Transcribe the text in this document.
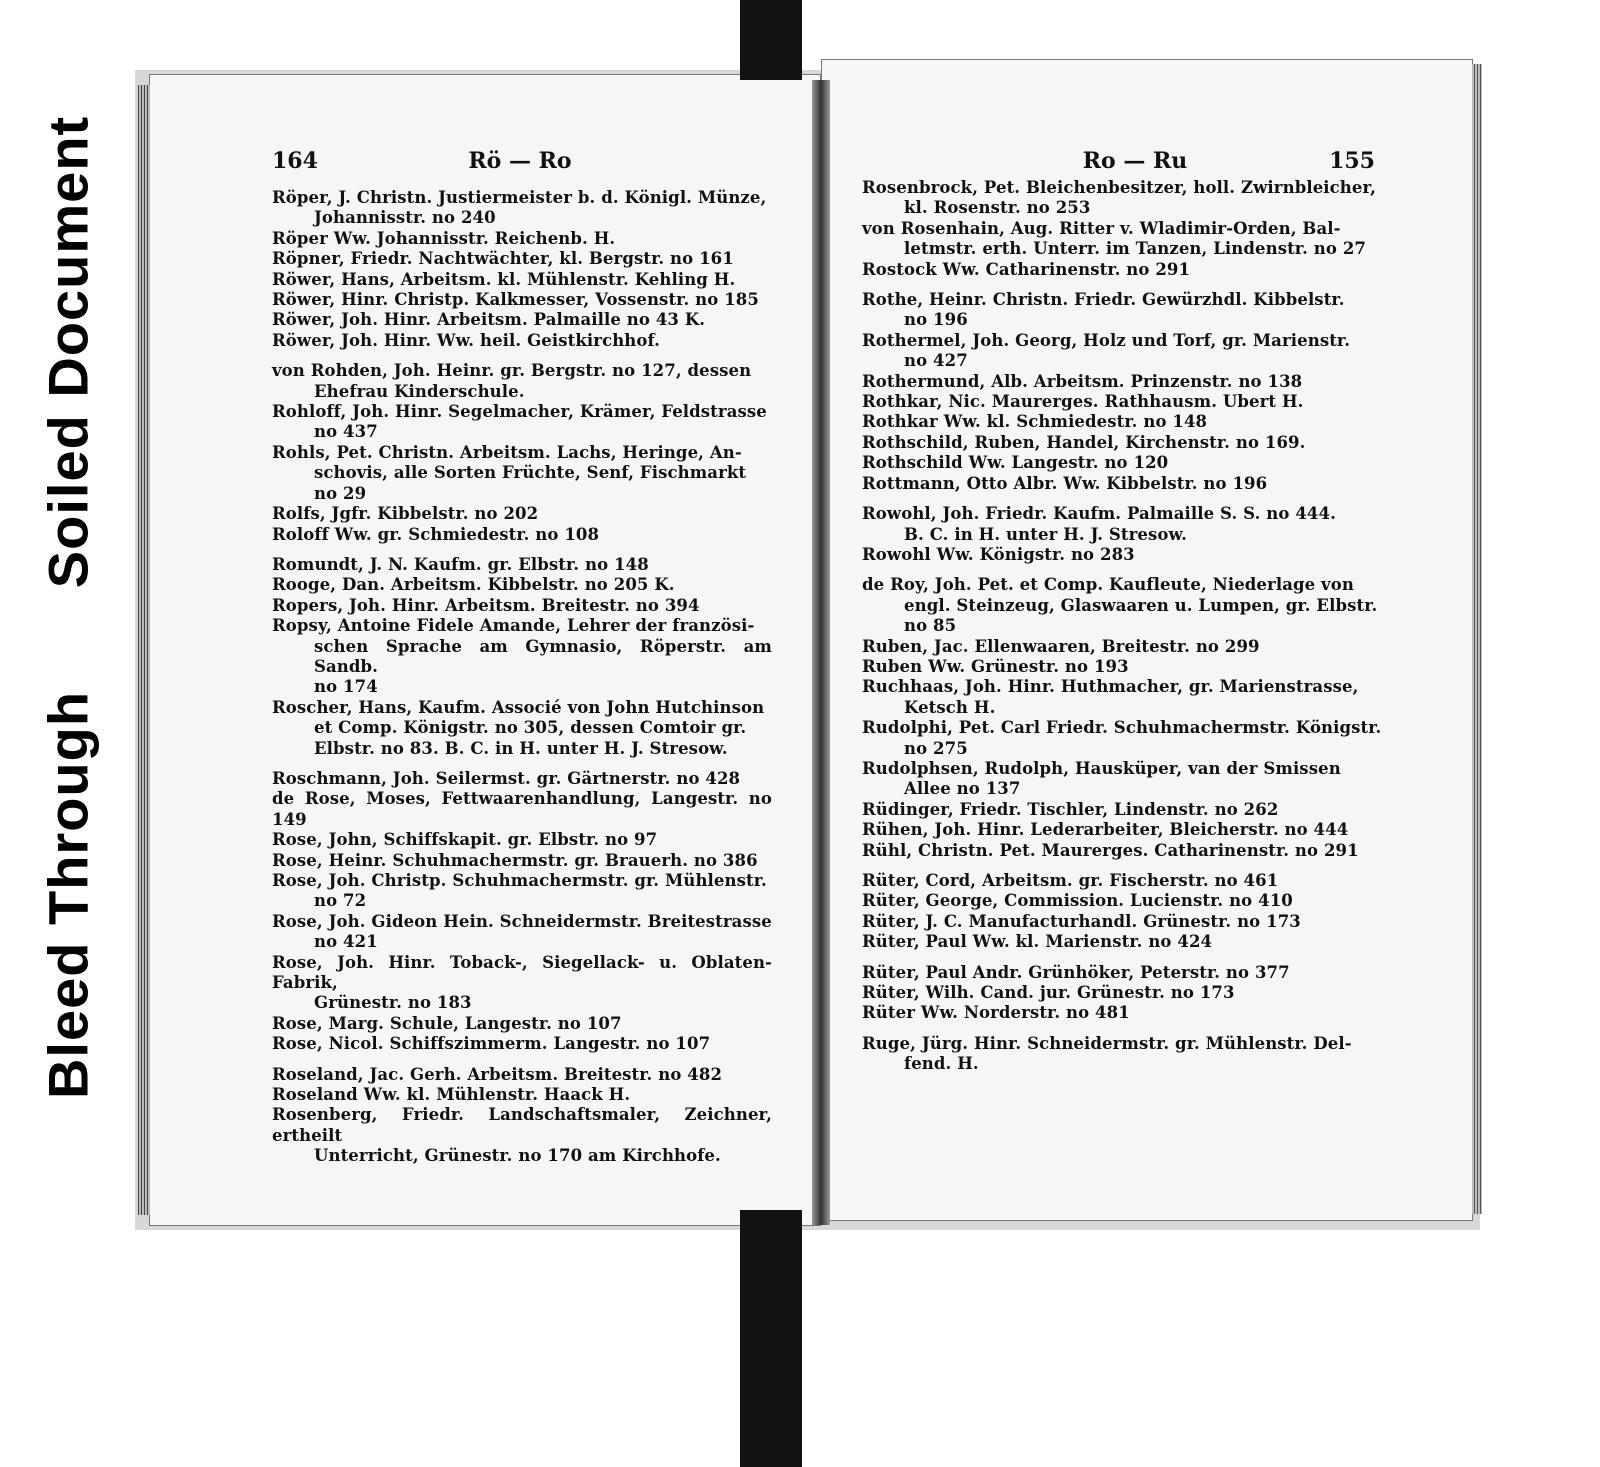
Soiled Document
Bleed Through
164	Rö — Ro	Ro — Ru	155
Röper, J. Christn. Justiermeister b. d. Königl. Münze,
Johannisstr. no 240
Röper Ww. Johannisstr. Reichenb. H.
Röpner, Friedr. Nachtwächter, kl. Bergstr. no 161
Röwer, Hans, Arbeitsm. kl. Mühlenstr. Kehling H.
Röwer, Hinr. Christp. Kalkmesser, Vossenstr. no 185
Röwer, Joh. Hinr. Arbeitsm. Palmaille no 43 K.
Röwer, Joh. Hinr. Ww. heil. Geistkirchhof.
von Rohden, Joh. Heinr. gr. Bergstr. no 127, dessen
Ehefrau Kinderschule.
Rohloff, Joh. Hinr. Segelmacher, Krämer, Feldstrasse
no 437
Rohls, Pet. Christn. Arbeitsm. Lachs, Heringe, An-
schovis, alle Sorten Früchte, Senf, Fischmarkt
no 29
Rolfs, Jgfr. Kibbelstr. no 202
Roloff Ww. gr. Schmiedestr. no 108
Romundt, J. N. Kaufm. gr. Elbstr. no 148
Rooge, Dan. Arbeitsm. Kibbelstr. no 205 K.
Ropers, Joh. Hinr. Arbeitsm. Breitestr. no 394
Ropsy, Antoine Fidele Amande, Lehrer der französi-
schen Sprache am Gymnasio, Röperstr. am Sandb.
no 174
Roscher, Hans, Kaufm. Associé von John Hutchinson
et Comp. Königstr. no 305, dessen Comtoir gr.
Elbstr. no 83. B. C. in H. unter H. J. Stresow.
Roschmann, Joh. Seilermst. gr. Gärtnerstr. no 428
de Rose, Moses, Fettwaarenhandlung, Langestr. no 149
Rose, John, Schiffskapit. gr. Elbstr. no 97
Rose, Heinr. Schuhmachermstr. gr. Brauerh. no 386
Rose, Joh. Christp. Schuhmachermstr. gr. Mühlenstr.
no 72
Rose, Joh. Gideon Hein. Schneidermstr. Breitestrasse
no 421
Rose, Joh. Hinr. Toback-, Siegellack- u. Oblaten-Fabrik,
Grünestr. no 183
Rose, Marg. Schule, Langestr. no 107
Rose, Nicol. Schiffszimmerm. Langestr. no 107
Roseland, Jac. Gerh. Arbeitsm. Breitestr. no 482
Roseland Ww. kl. Mühlenstr. Haack H.
Rosenberg, Friedr. Landschaftsmaler, Zeichner, ertheilt
Unterricht, Grünestr. no 170 am Kirchhofe.
Rosenbrock, Pet. Bleichenbesitzer, holl. Zwirnbleicher,
kl. Rosenstr. no 253
von Rosenhain, Aug. Ritter v. Wladimir-Orden, Bal-
letmstr. erth. Unterr. im Tanzen, Lindenstr. no 27
Rostock Ww. Catharinenstr. no 291
Rothe, Heinr. Christn. Friedr. Gewürzhdl. Kibbelstr.
no 196
Rothermel, Joh. Georg, Holz und Torf, gr. Marienstr.
no 427
Rothermund, Alb. Arbeitsm. Prinzenstr. no 138
Rothkar, Nic. Maurerges. Rathhausm. Ubert H.
Rothkar Ww. kl. Schmiedestr. no 148
Rothschild, Ruben, Handel, Kirchenstr. no 169.
Rothschild Ww. Langestr. no 120
Rottmann, Otto Albr. Ww. Kibbelstr. no 196
Rowohl, Joh. Friedr. Kaufm. Palmaille S. S. no 444.
B. C. in H. unter H. J. Stresow.
Rowohl Ww. Königstr. no 283
de Roy, Joh. Pet. et Comp. Kaufleute, Niederlage von
engl. Steinzeug, Glaswaaren u. Lumpen, gr. Elbstr.
no 85
Ruben, Jac. Ellenwaaren, Breitestr. no 299
Ruben Ww. Grünestr. no 193
Ruchhaas, Joh. Hinr. Huthmacher, gr. Marienstrasse,
Ketsch H.
Rudolphi, Pet. Carl Friedr. Schuhmachermstr. Königstr.
no 275
Rudolphsen, Rudolph, Hausküper, van der Smissen
Allee no 137
Rüdinger, Friedr. Tischler, Lindenstr. no 262
Rühen, Joh. Hinr. Lederarbeiter, Bleicherstr. no 444
Rühl, Christn. Pet. Maurerges. Catharinenstr. no 291
Rüter, Cord, Arbeitsm. gr. Fischerstr. no 461
Rüter, George, Commission. Lucienstr. no 410
Rüter, J. C. Manufacturhandl. Grünestr. no 173
Rüter, Paul Ww. kl. Marienstr. no 424
Rüter, Paul Andr. Grünhöker, Peterstr. no 377
Rüter, Wilh. Cand. jur. Grünestr. no 173
Rüter Ww. Norderstr. no 481
Ruge, Jürg. Hinr. Schneidermstr. gr. Mühlenstr. Del-
fend. H.
